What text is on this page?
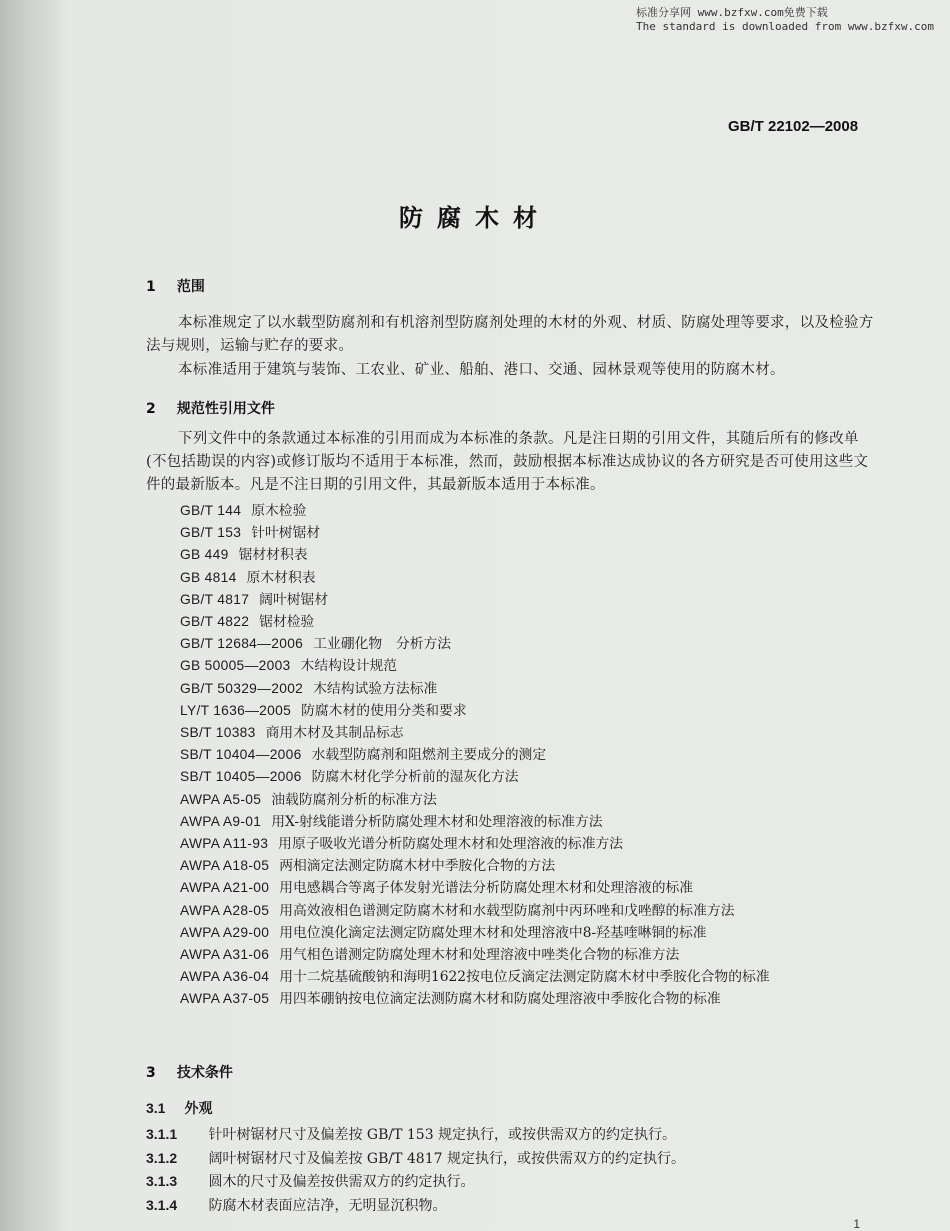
标准分享网 www.bzfxw.com免费下载
The standard is downloaded from www.bzfxw.com
GB/T 22102—2008
防腐木材
1 范围
本标准规定了以水载型防腐剂和有机溶剂型防腐剂处理的木材的外观、材质、防腐处理等要求，以及检验方法与规则，运输与贮存的要求。
本标准适用于建筑与装饰、工农业、矿业、船舶、港口、交通、园林景观等使用的防腐木材。
2 规范性引用文件
下列文件中的条款通过本标准的引用而成为本标准的条款。凡是注日期的引用文件，其随后所有的修改单(不包括勘误的内容)或修订版均不适用于本标准，然而，鼓励根据本标准达成协议的各方研究是否可使用这些文件的最新版本。凡是不注日期的引用文件，其最新版本适用于本标准。
GB/T 144 原木检验
GB/T 153 针叶树锯材
GB 449 锯材材积表
GB 4814 原木材积表
GB/T 4817 阔叶树锯材
GB/T 4822 锯材检验
GB/T 12684—2006 工业硼化物　分析方法
GB 50005—2003 木结构设计规范
GB/T 50329—2002 木结构试验方法标准
LY/T 1636—2005 防腐木材的使用分类和要求
SB/T 10383 商用木材及其制品标志
SB/T 10404—2006 水载型防腐剂和阻燃剂主要成分的测定
SB/T 10405—2006 防腐木材化学分析前的湿灰化方法
AWPA A5-05 油载防腐剂分析的标准方法
AWPA A9-01 用X-射线能谱分析防腐处理木材和处理溶液的标准方法
AWPA A11-93 用原子吸收光谱分析防腐处理木材和处理溶液的标准方法
AWPA A18-05 两相滴定法测定防腐木材中季胺化合物的方法
AWPA A21-00 用电感耦合等离子体发射光谱法分析防腐处理木材和处理溶液的标准
AWPA A28-05 用高效液相色谱测定防腐木材和水载型防腐剂中丙环唑和戊唑醇的标准方法
AWPA A29-00 用电位溴化滴定法测定防腐处理木材和处理溶液中8-羟基喹啉铜的标准
AWPA A31-06 用气相色谱测定防腐处理木材和处理溶液中唑类化合物的标准方法
AWPA A36-04 用十二烷基硫酸钠和海明1622按电位反滴定法测定防腐木材中季胺化合物的标准
AWPA A37-05 用四苯硼钠按电位滴定法测防腐木材和防腐处理溶液中季胺化合物的标准
3 技术条件
3.1 外观
3.1.1 针叶树锯材尺寸及偏差按 GB/T 153 规定执行，或按供需双方的约定执行。
3.1.2 阔叶树锯材尺寸及偏差按 GB/T 4817 规定执行，或按供需双方的约定执行。
3.1.3 圆木的尺寸及偏差按供需双方的约定执行。
3.1.4 防腐木材表面应洁净，无明显沉积物。
1
